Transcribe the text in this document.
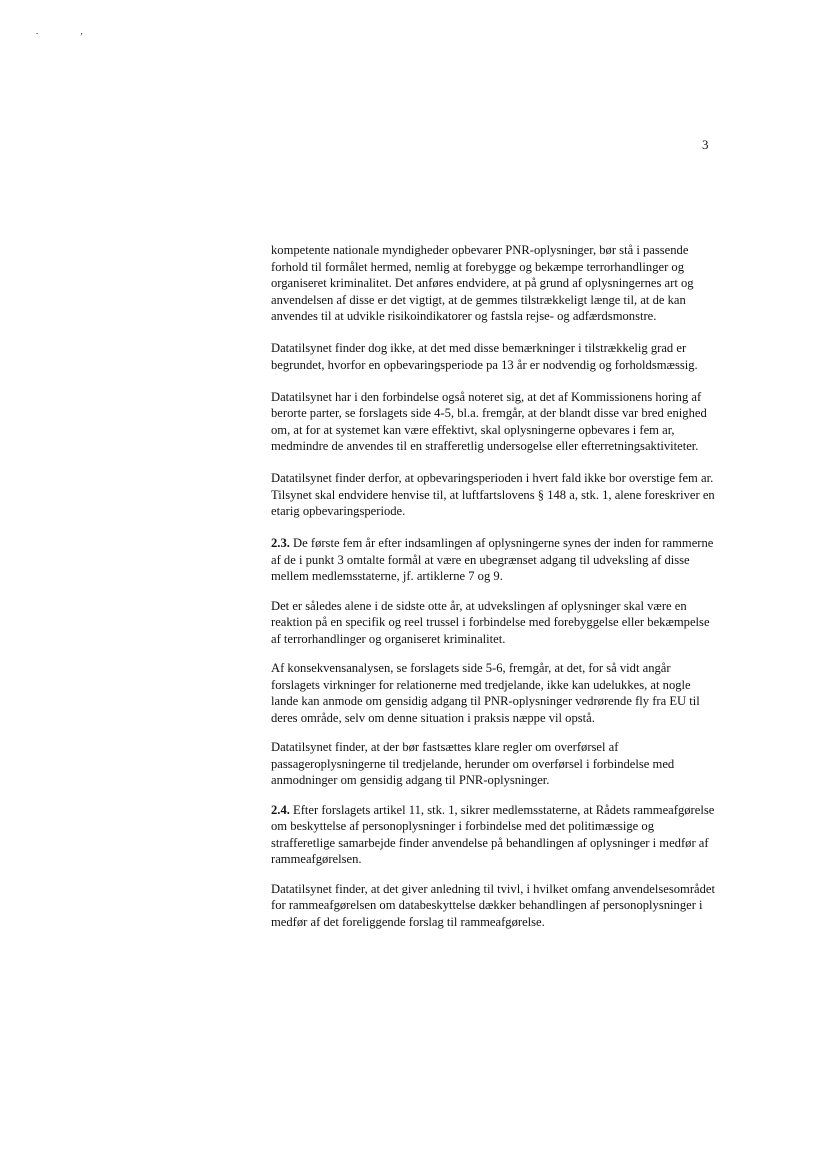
. ,
3

kompetente nationale myndigheder opbevarer PNR-oplysninger, bør stå i passende forhold til formålet hermed, nemlig at forebygge og bekæmpe terrorhandlinger og organiseret kriminalitet. Det anføres endvidere, at på grund af oplysningernes art og anvendelsen af disse er det vigtigt, at de gemmes tilstrækkeligt længe til, at de kan anvendes til at udvikle risikoindikatorer og fastsla rejse- og adfærdsmonstre.

Datatilsynet finder dog ikke, at det med disse bemærkninger i tilstrækkelig grad er begrundet, hvorfor en opbevaringsperiode pa 13 år er nodvendig og forholdsmæssig.

Datatilsynet har i den forbindelse også noteret sig, at det af Kommissionens horing af berorte parter, se forslagets side 4-5, bl.a. fremgår, at der blandt disse var bred enighed om, at for at systemet kan være effektivt, skal oplysningerne opbevares i fem ar, medmindre de anvendes til en strafferetlig undersogelse eller efterretningsaktiviteter.

Datatilsynet finder derfor, at opbevaringsperioden i hvert fald ikke bor overstige fem ar. Tilsynet skal endvidere henvise til, at luftfartslovens § 148 a, stk. 1, alene foreskriver en etarig opbevaringsperiode.

2.3. De første fem år efter indsamlingen af oplysningerne synes der inden for rammerne af de i punkt 3 omtalte formål at være en ubegrænset adgang til udveksling af disse mellem medlemsstaterne, jf. artiklerne 7 og 9.

Det er således alene i de sidste otte år, at udvekslingen af oplysninger skal være en reaktion på en specifik og reel trussel i forbindelse med forebyggelse eller bekæmpelse af terrorhandlinger og organiseret kriminalitet.

Af konsekvensanalysen, se forslagets side 5-6, fremgår, at det, for så vidt angår forslagets virkninger for relationerne med tredjelande, ikke kan udelukkes, at nogle lande kan anmode om gensidig adgang til PNR-oplysninger vedrørende fly fra EU til deres område, selv om denne situation i praksis næppe vil opstå.

Datatilsynet finder, at der bør fastsættes klare regler om overførsel af passageroplysningerne til tredjelande, herunder om overførsel i forbindelse med anmodninger om gensidig adgang til PNR-oplysninger.

2.4. Efter forslagets artikel 11, stk. 1, sikrer medlemsstaterne, at Rådets rammeafgørelse om beskyttelse af personoplysninger i forbindelse med det politimæssige og strafferetlige samarbejde finder anvendelse på behandlingen af oplysninger i medfør af rammeafgørelsen.

Datatilsynet finder, at det giver anledning til tvivl, i hvilket omfang anvendelsesområdet for rammeafgørelsen om databeskyttelse dækker behandlingen af personoplysninger i medfør af det foreliggende forslag til rammeafgørelse.
